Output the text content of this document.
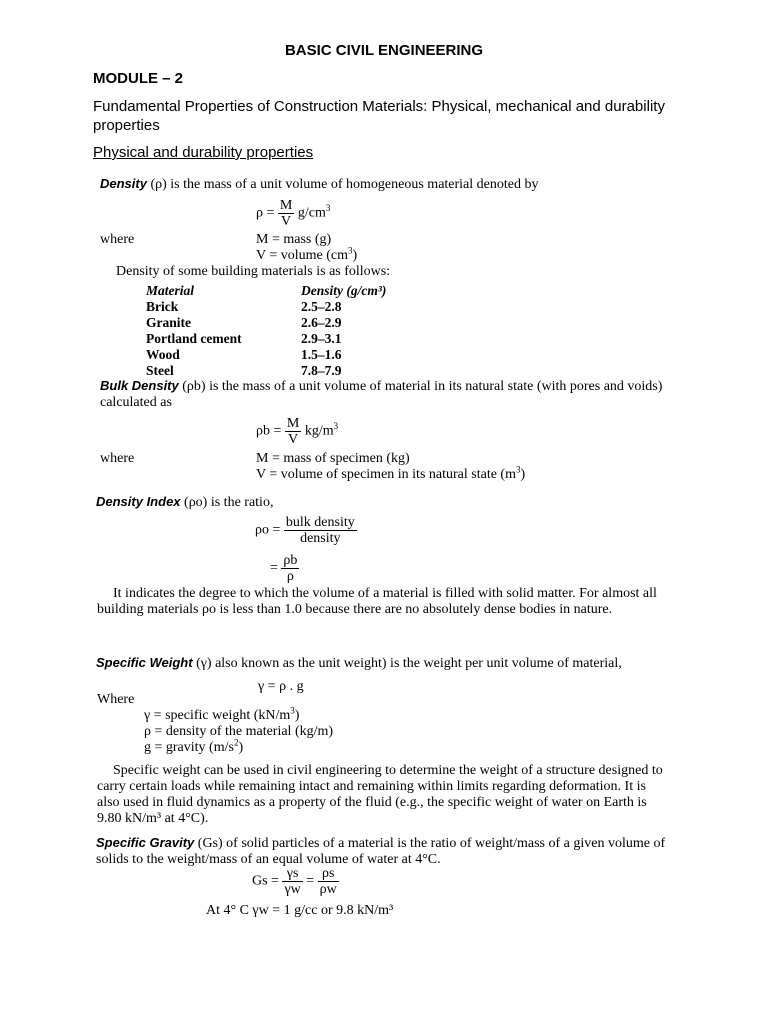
BASIC CIVIL ENGINEERING
MODULE – 2
Fundamental Properties of Construction Materials: Physical, mechanical and durability properties
Physical and durability properties
Density (ρ) is the mass of a unit volume of homogeneous material denoted by
$\rho = \frac{M}{V} g/cm^3$
where	M = mass (g)
V = volume $(cm^3)$
Density of some building materials is as follows:
Material	Density (g/cm³)
Brick	2.5–2.8
Granite	2.6–2.9
Portland cement	2.9–3.1
Wood	1.5–1.6
Steel	7.8–7.9
Bulk Density (ρb) is the mass of a unit volume of material in its natural state (with pores and voids) calculated as
$\rho b = \frac{M}{V} kg/m^3$
where	M = mass of specimen (kg)
V = volume of specimen in its natural state $(m^3)$
Density Index (ρo) is the ratio,
$\rho o = \frac{\text{bulk density}}{\text{density}}$
= $\frac{\rho b}{\rho}$
It indicates the degree to which the volume of a material is filled with solid matter. For almost all building materials ρo is less than 1.0 because there are no absolutely dense bodies in nature.
Specific Weight (γ) also known as the unit weight) is the weight per unit volume of material,
γ = ρ . g
Where
γ = specific weight $(kN/m^3)$
ρ = density of the material (kg/m)
g = gravity $(m/s^2)$
Specific weight can be used in civil engineering to determine the weight of a structure designed to carry certain loads while remaining intact and remaining within limits regarding deformation. It is also used in fluid dynamics as a property of the fluid (e.g., the specific weight of water on Earth is 9.80 kN/m³ at 4°C).
Specific Gravity (Gs) of solid particles of a material is the ratio of weight/mass of a given volume of solids to the weight/mass of an equal volume of water at 4°C.
$Gs = \frac{\gamma s}{\gamma w} = \frac{\rho s}{\rho w}$
At 4° C γw = 1 g/cc or 9.8 kN/m³
